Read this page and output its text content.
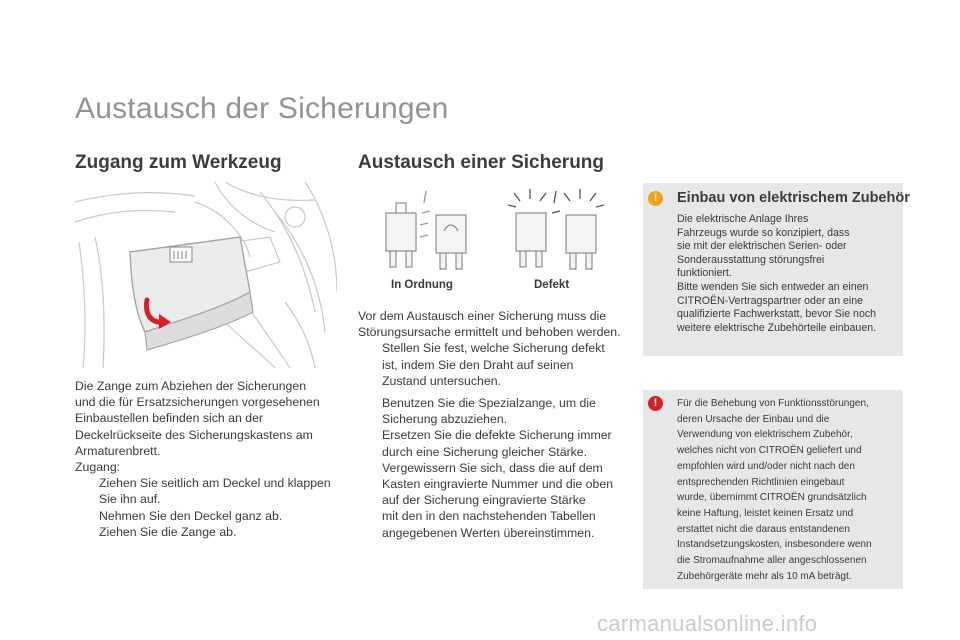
Austausch der Sicherungen
Zugang zum Werkzeug

Die Zange zum Abziehen der Sicherungen

und die für Ersatzsicherungen vorgesehenen

Einbaustellen befinden sich an der

Deckelrückseite des Sicherungskastens am

Armaturenbrett.

Zugang:

Ziehen Sie seitlich am Deckel und klappen

Sie ihn auf.

Nehmen Sie den Deckel ganz ab.

Ziehen Sie die Zange ab.

Austausch einer Sicherung
In Ordnung	Defekt

Vor dem Austausch einer Sicherung muss die

Störungsursache ermittelt und behoben werden.

Stellen Sie fest, welche Sicherung defekt

ist, indem Sie den Draht auf seinen

Zustand untersuchen.

Benutzen Sie die Spezialzange, um die

Sicherung abzuziehen.

Ersetzen Sie die defekte Sicherung immer

durch eine Sicherung gleicher Stärke.

Vergewissern Sie sich, dass die auf dem

Kasten eingravierte Nummer und die oben

auf der Sicherung eingravierte Stärke

mit den in den nachstehenden Tabellen

angegebenen Werten übereinstimmen.

i	Einbau von elektrischem Zubehör
Die elektrische Anlage Ihres
Fahrzeugs wurde so konzipiert, dass
sie mit der elektrischen Serien- oder
Sonderausstattung störungsfrei
funktioniert.
Bitte wenden Sie sich entweder an einen
CITROËN-Vertragspartner oder an eine
qualifizierte Fachwerkstatt, bevor Sie noch
weitere elektrische Zubehörteile einbauen.
!	Für die Behebung von Funktionsstörungen,
deren Ursache der Einbau und die
Verwendung von elektrischem Zubehör,
welches nicht von CITROËN geliefert und
empfohlen wird und/oder nicht nach den
entsprechenden Richtlinien eingebaut
wurde, übernimmt CITROËN grundsätzlich
keine Haftung, leistet keinen Ersatz und
erstattet nicht die daraus entstandenen
Instandsetzungskosten, insbesondere wenn
die Stromaufnahme aller angeschlossenen
Zubehörgeräte mehr als 10 mA beträgt.
carmanualsonline.info
